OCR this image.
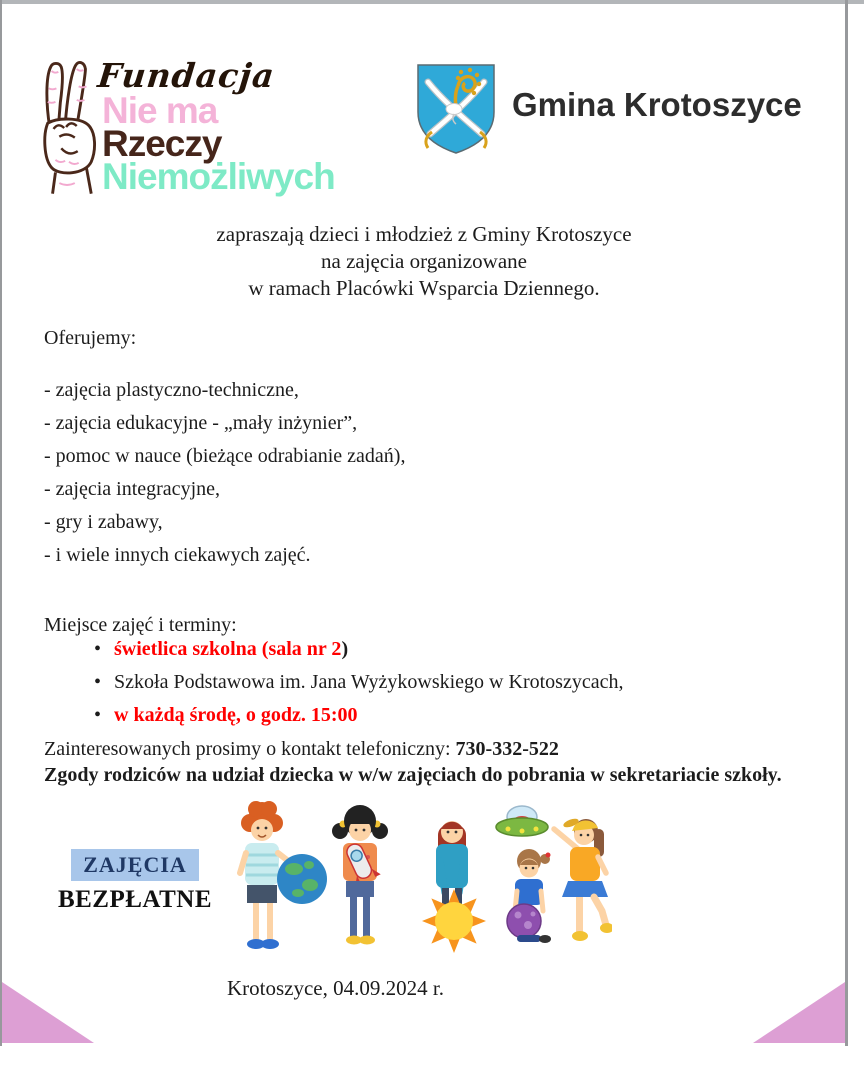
Fundacja
Nie ma
Rzeczy
Niemożliwych
Gmina Krotoszyce
zapraszają dzieci i młodzież z Gminy Krotoszyce
na zajęcia organizowane
w ramach Placówki Wsparcia Dziennego.
Oferujemy:
- zajęcia plastyczno-techniczne,
- zajęcia edukacyjne - „mały inżynier”,
- pomoc w nauce (bieżące odrabianie zadań),
- zajęcia integracyjne,
- gry i zabawy,
- i wiele innych ciekawych zajęć.
Miejsce zajęć i terminy:
• świetlica szkolna (sala nr 2)
• Szkoła Podstawowa im. Jana Wyżykowskiego w Krotoszycach,
• w każdą środę, o godz. 15:00
Zainteresowanych prosimy o kontakt telefoniczny: 730-332-522
Zgody rodziców na udział dziecka w w/w zajęciach do pobrania w sekretariacie szkoły.
ZAJĘCIA
BEZPŁATNE
Krotoszyce, 04.09.2024 r.
